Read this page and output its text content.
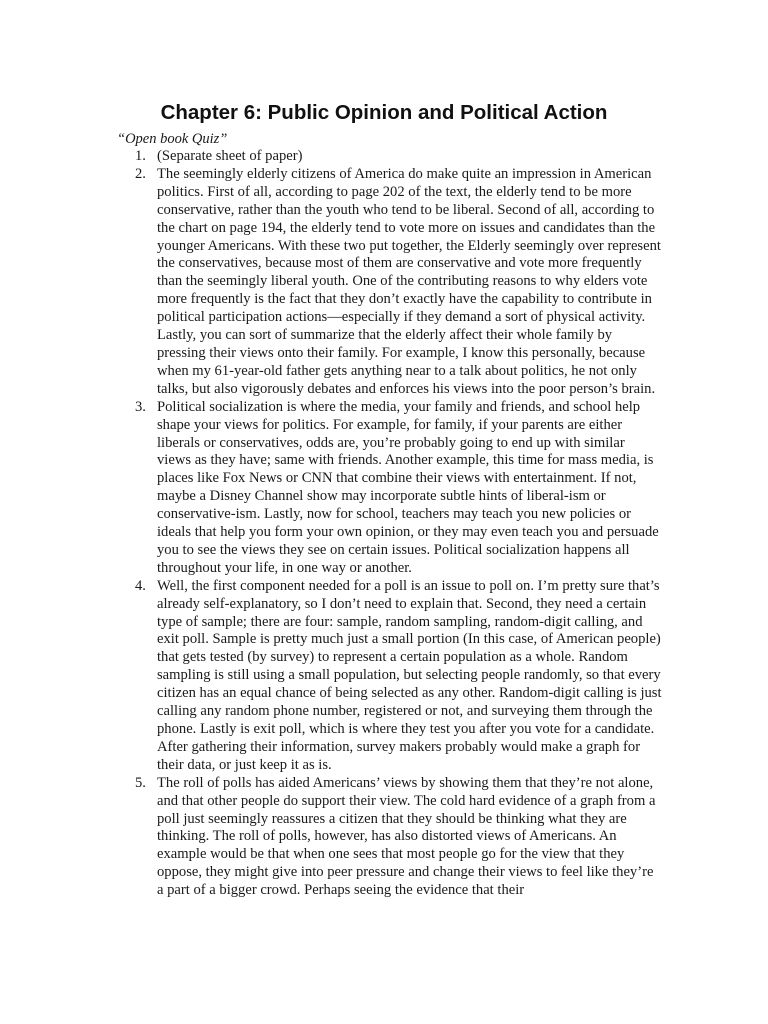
Chapter 6: Public Opinion and Political Action
“Open book Quiz”
1. (Separate sheet of paper)
2. The seemingly elderly citizens of America do make quite an impression in American politics. First of all, according to page 202 of the text, the elderly tend to be more conservative, rather than the youth who tend to be liberal. Second of all, according to the chart on page 194, the elderly tend to vote more on issues and candidates than the younger Americans. With these two put together, the Elderly seemingly over represent the conservatives, because most of them are conservative and vote more frequently than the seemingly liberal youth. One of the contributing reasons to why elders vote more frequently is the fact that they don’t exactly have the capability to contribute in political participation actions—especially if they demand a sort of physical activity. Lastly, you can sort of summarize that the elderly affect their whole family by pressing their views onto their family. For example, I know this personally, because when my 61-year-old father gets anything near to a talk about politics, he not only talks, but also vigorously debates and enforces his views into the poor person’s brain.
3. Political socialization is where the media, your family and friends, and school help shape your views for politics. For example, for family, if your parents are either liberals or conservatives, odds are, you’re probably going to end up with similar views as they have; same with friends. Another example, this time for mass media, is places like Fox News or CNN that combine their views with entertainment. If not, maybe a Disney Channel show may incorporate subtle hints of liberal-ism or conservative-ism. Lastly, now for school, teachers may teach you new policies or ideals that help you form your own opinion, or they may even teach you and persuade you to see the views they see on certain issues. Political socialization happens all throughout your life, in one way or another.
4. Well, the first component needed for a poll is an issue to poll on. I’m pretty sure that’s already self-explanatory, so I don’t need to explain that. Second, they need a certain type of sample; there are four: sample, random sampling, random-digit calling, and exit poll. Sample is pretty much just a small portion (In this case, of American people) that gets tested (by survey) to represent a certain population as a whole. Random sampling is still using a small population, but selecting people randomly, so that every citizen has an equal chance of being selected as any other. Random-digit calling is just calling any random phone number, registered or not, and surveying them through the phone. Lastly is exit poll, which is where they test you after you vote for a candidate. After gathering their information, survey makers probably would make a graph for their data, or just keep it as is.
5. The roll of polls has aided Americans’ views by showing them that they’re not alone, and that other people do support their view. The cold hard evidence of a graph from a poll just seemingly reassures a citizen that they should be thinking what they are thinking. The roll of polls, however, has also distorted views of Americans. An example would be that when one sees that most people go for the view that they oppose, they might give into peer pressure and change their views to feel like they’re a part of a bigger crowd. Perhaps seeing the evidence that their
